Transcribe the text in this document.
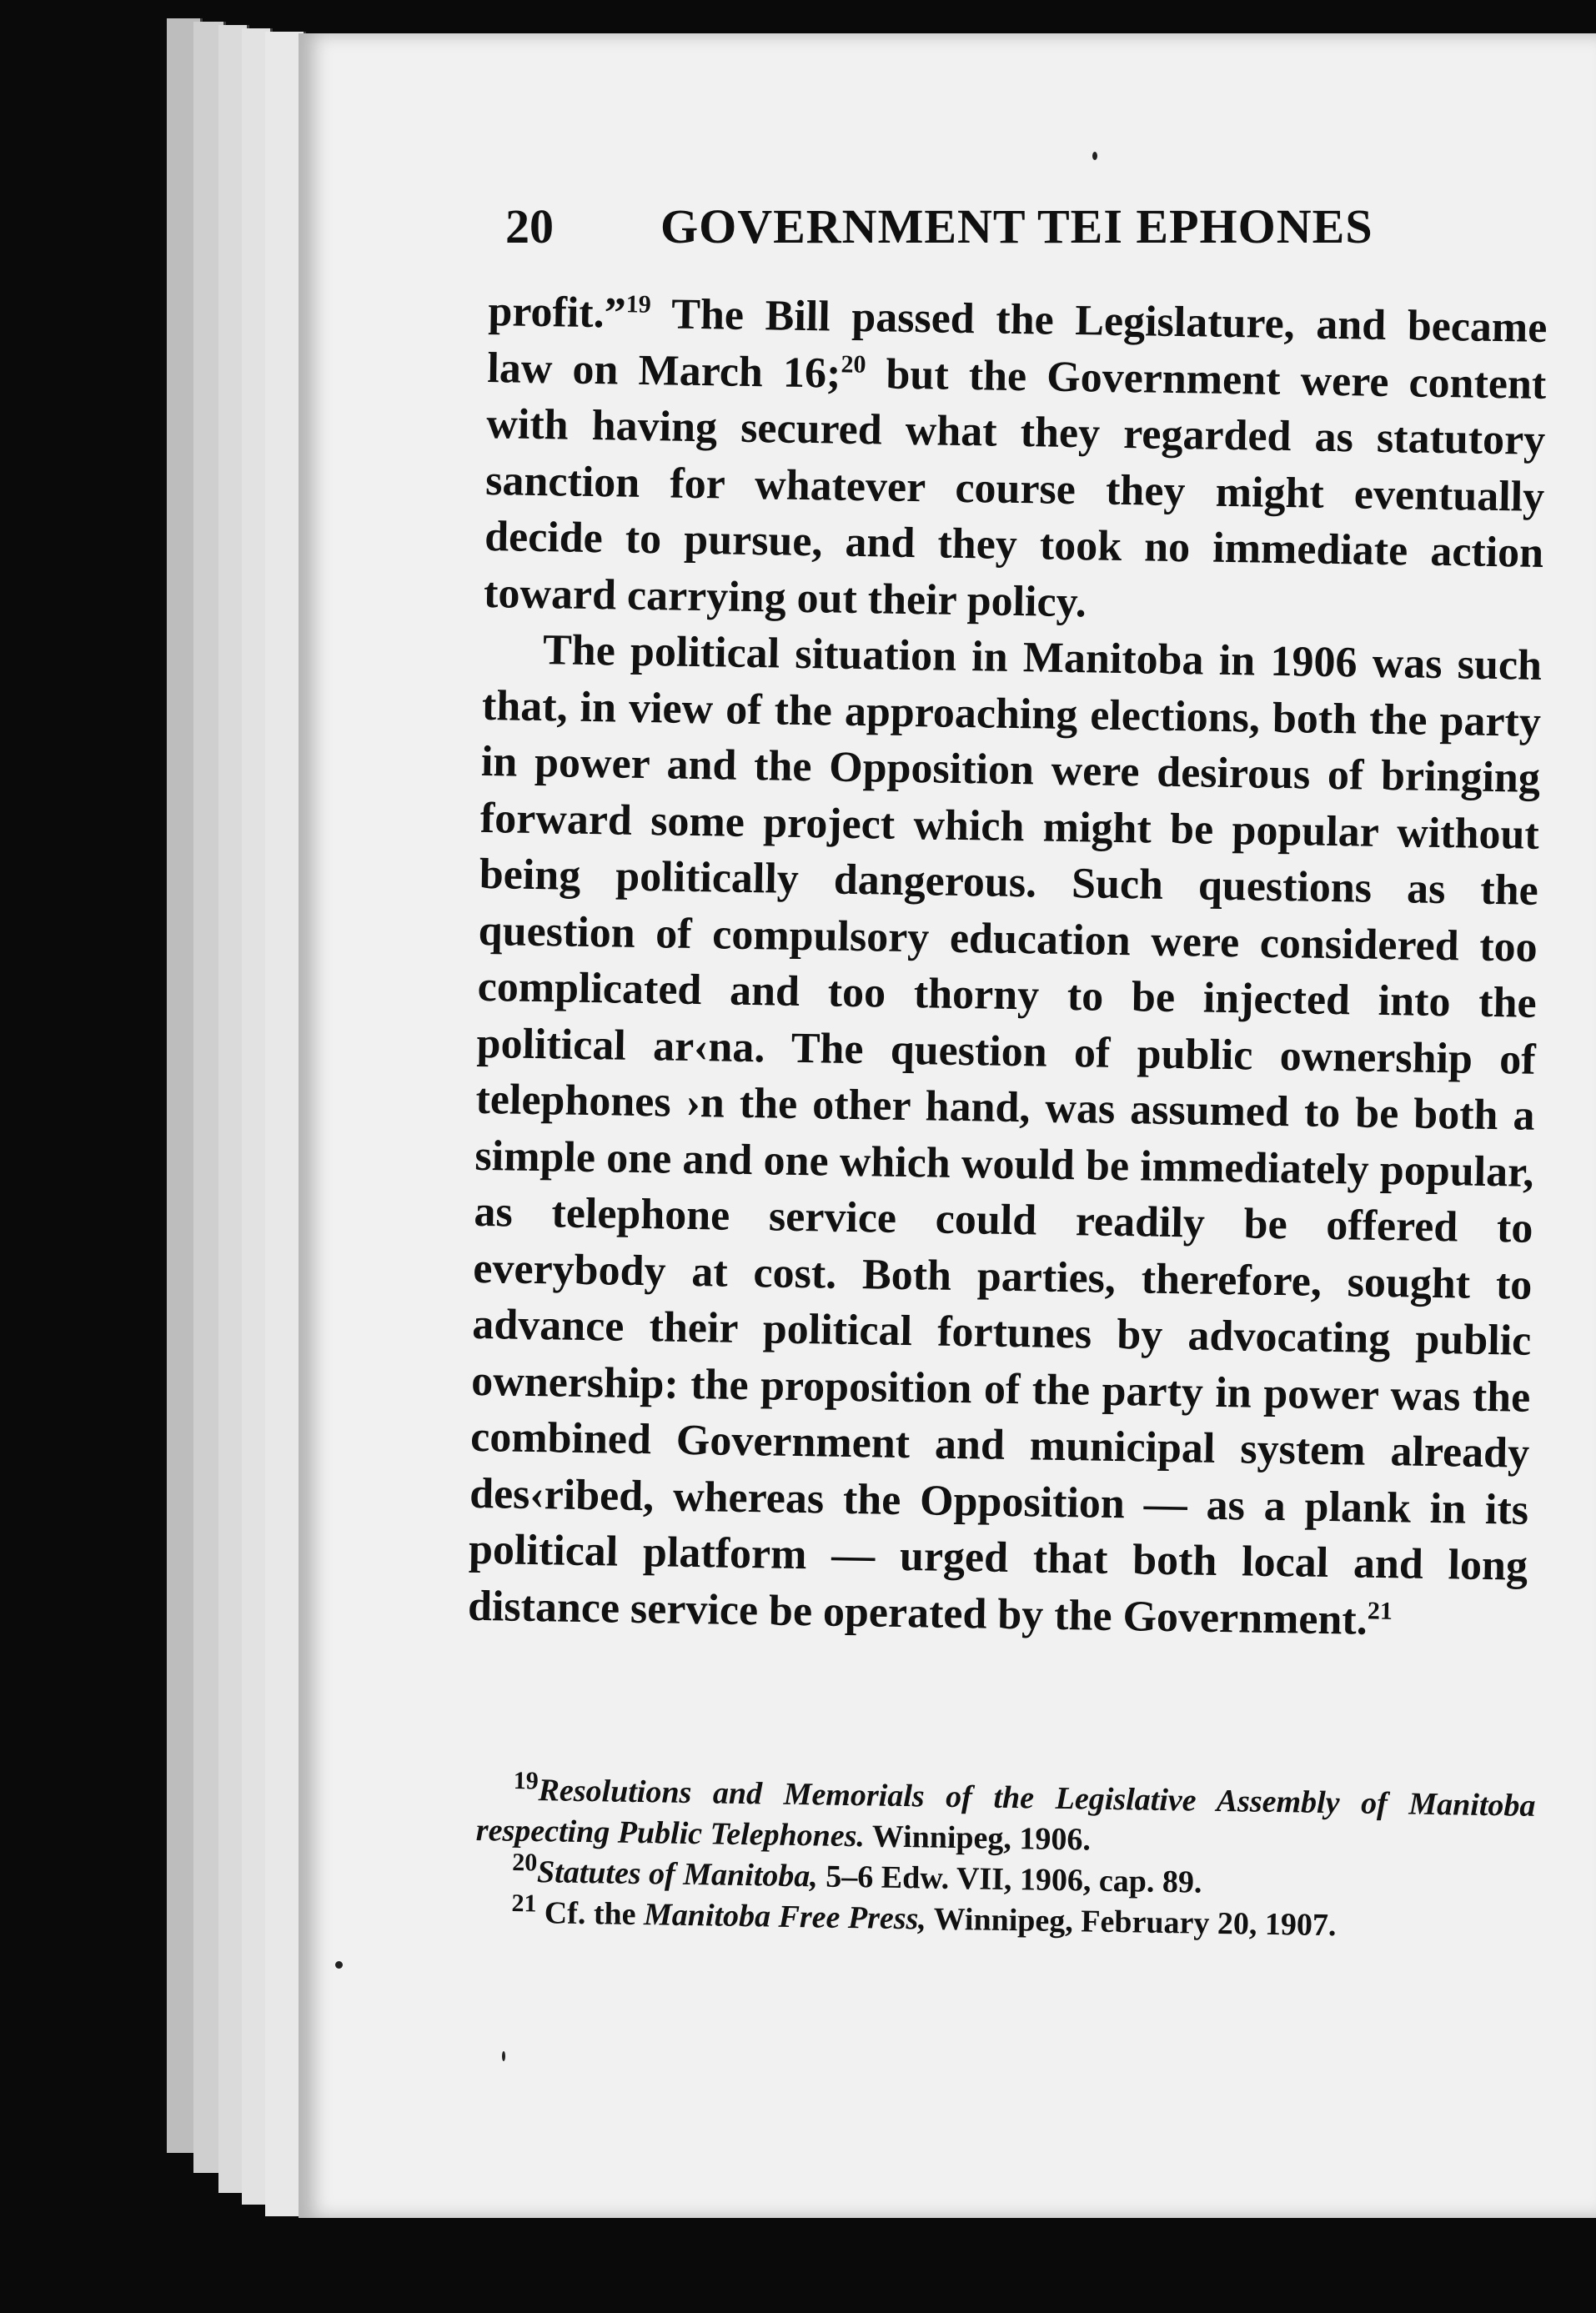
20 GOVERNMENT TEI EPHONES

profit.”$^{19}$ The Bill passed the Legislature, and became law on March 16;$^{20}$ but the Government were content with having secured what they regarded as statutory sanction for whatever course they might eventually decide to pursue, and they took no immediate action toward carrying out their policy.

The political situation in Manitoba in 1906 was such that, in view of the approaching elections, both the party in power and the Opposition were desirous of bringing forward some project which might be popular without being politically dangerous. Such questions as the question of compulsory education were considered too complicated and too thorny to be injected into the political ar‹na. The question of public ownership of telephones ›n the other hand, was assumed to be both a simple one and one which would be immediately popular, as telephone service could readily be offered to everybody at cost. Both parties, therefore, sought to advance their political fortunes by advocating public ownership: the proposition of the party in power was the combined Government and municipal system already des‹ribed, whereas the Opposition — as a plank in its political platform — urged that both local and long distance service be operated by the Government.$^{21}$

$^{19}$Resolutions and Memorials of the Legislative Assembly of Manitoba respecting Public Telephones. Winnipeg, 1906.

$^{20}$Statutes of Manitoba, 5–6 Edw. VII, 1906, cap. 89.

$^{21}$ Cf. the Manitoba Free Press, Winnipeg, February 20, 1907.
